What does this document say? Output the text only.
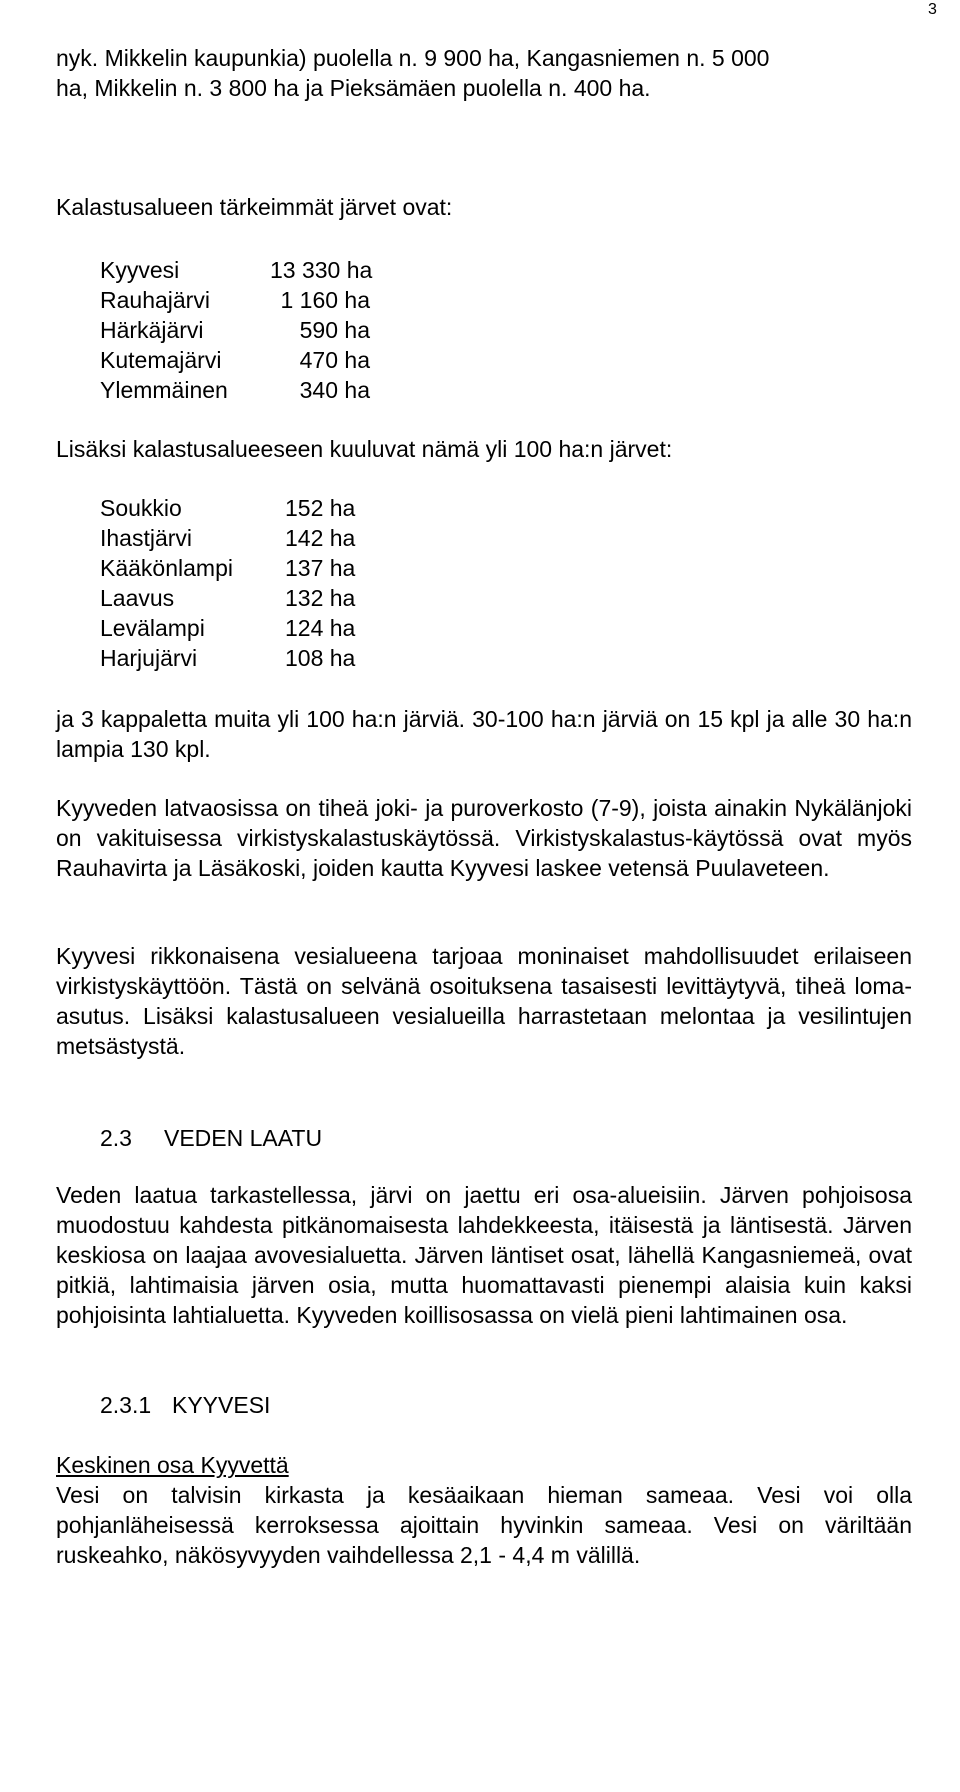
3
nyk. Mikkelin kaupunkia) puolella n. 9 900 ha, Kangasniemen n. 5 000
ha, Mikkelin n. 3 800 ha ja Pieksämäen puolella n. 400 ha.
Kalastusalueen tärkeimmät järvet ovat:
Kyyvesi	13 330 ha
Rauhajärvi	1 160 ha
Härkäjärvi	590 ha
Kutemajärvi	470 ha
Ylemmäinen	340 ha
Lisäksi kalastusalueeseen kuuluvat nämä yli 100 ha:n järvet:
Soukkio	152 ha
Ihastjärvi	142 ha
Kääkönlampi	137 ha
Laavus	132 ha
Levälampi	124 ha
Harjujärvi	108 ha
ja 3 kappaletta muita yli 100 ha:n järviä. 30-100 ha:n järviä on 15 kpl ja alle 30 ha:n lampia 130 kpl.
Kyyveden latvaosissa on tiheä joki- ja puroverkosto (7-9), joista ainakin Nykälänjoki on vakituisessa virkistyskalastuskäytössä. Virkistyskalastus-käytössä ovat myös Rauhavirta ja Läsäkoski, joiden kautta Kyyvesi laskee vetensä Puulaveteen.
Kyyvesi rikkonaisena vesialueena tarjoaa moninaiset mahdollisuudet erilaiseen virkistyskäyttöön. Tästä on selvänä osoituksena tasaisesti levittäytyvä, tiheä loma-asutus. Lisäksi kalastusalueen vesialueilla harrastetaan melontaa ja vesilintujen metsästystä.
2.3 VEDEN LAATU
Veden laatua tarkastellessa, järvi on jaettu eri osa-alueisiin. Järven pohjoisosa muodostuu kahdesta pitkänomaisesta lahdekkeesta, itäisestä ja läntisestä. Järven keskiosa on laajaa avovesialuetta. Järven läntiset osat, lähellä Kangasniemeä, ovat pitkiä, lahtimaisia järven osia, mutta huomattavasti pienempi alaisia kuin kaksi pohjoisinta lahtialuetta. Kyyveden koillisosassa on vielä pieni lahtimainen osa.
2.3.1 KYYVESI
Keskinen osa Kyyvettä
Vesi on talvisin kirkasta ja kesäaikaan hieman sameaa. Vesi voi olla pohjanläheisessä kerroksessa ajoittain hyvinkin sameaa. Vesi on väriltään ruskeahko, näkösyvyyden vaihdellessa 2,1 - 4,4 m välillä.
